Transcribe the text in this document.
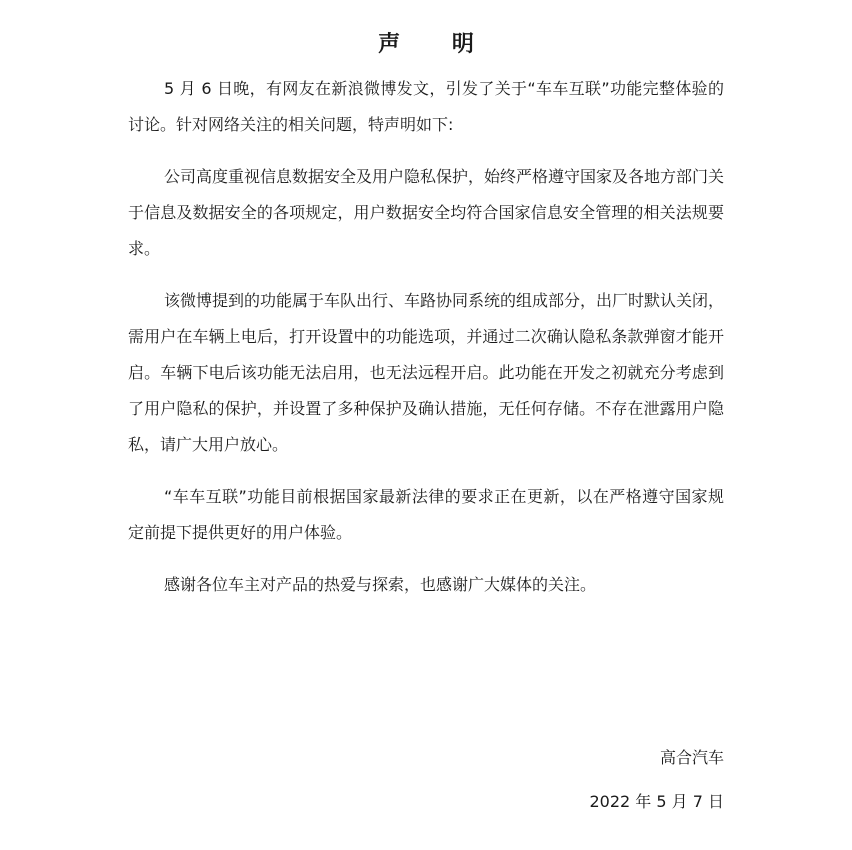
声 明

5 月 6 日晚，有网友在新浪微博发文，引发了关于“车车互联”功能完整体验的讨论。针对网络关注的相关问题，特声明如下:

公司高度重视信息数据安全及用户隐私保护，始终严格遵守国家及各地方部门关于信息及数据安全的各项规定，用户数据安全均符合国家信息安全管理的相关法规要求。

该微博提到的功能属于车队出行、车路协同系统的组成部分，出厂时默认关闭，需用户在车辆上电后，打开设置中的功能选项，并通过二次确认隐私条款弹窗才能开启。车辆下电后该功能无法启用，也无法远程开启。此功能在开发之初就充分考虑到了用户隐私的保护，并设置了多种保护及确认措施，无任何存储。不存在泄露用户隐私，请广大用户放心。

“车车互联”功能目前根据国家最新法律的要求正在更新，以在严格遵守国家规定前提下提供更好的用户体验。

感谢各位车主对产品的热爱与探索，也感谢广大媒体的关注。

高合汽车
2022 年 5 月 7 日
